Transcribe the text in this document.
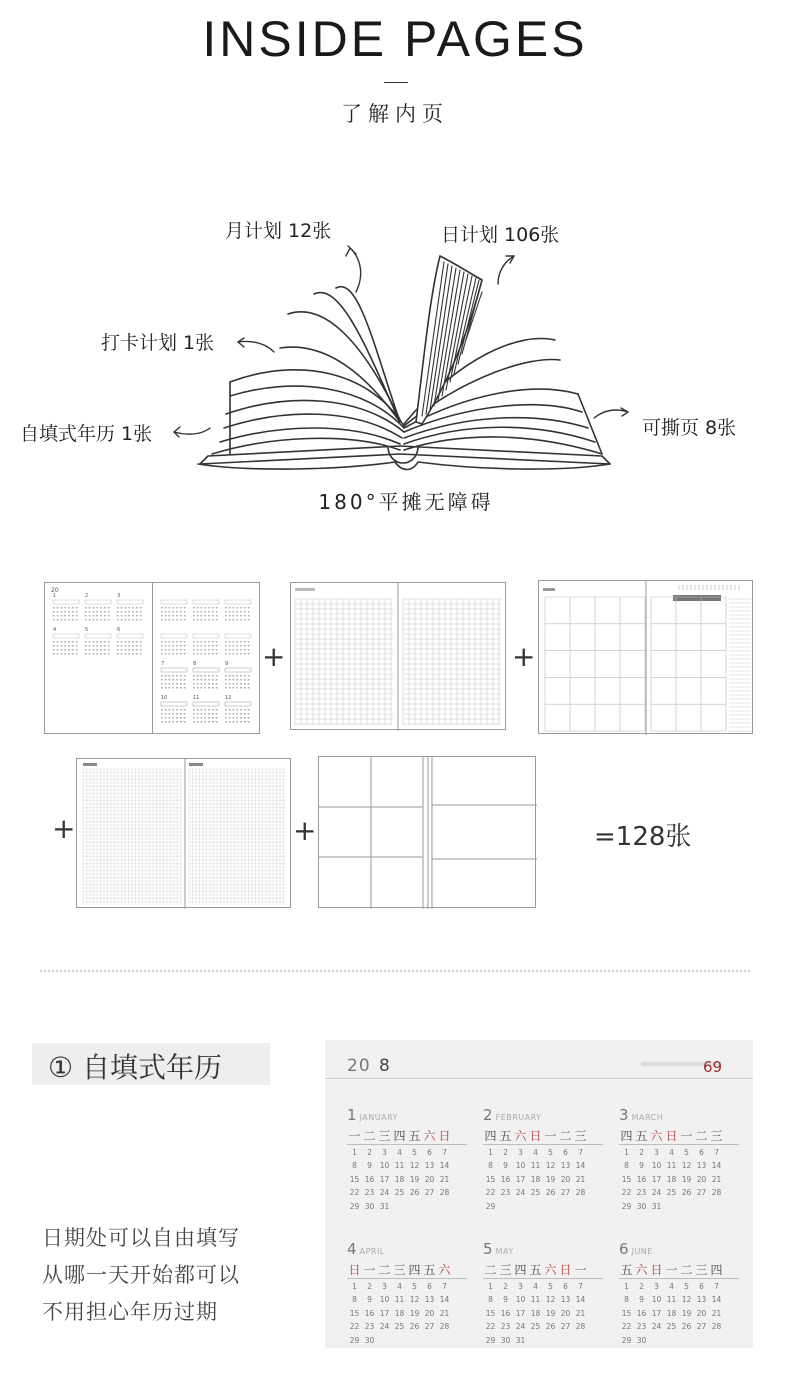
INSIDE PAGES
了解内页
月计划 12张	日计划 106张
打卡计划 1张
可撕页 8张
自填式年历 1张
180°平摊无障碍
20
1	2	3
4	5	6
7	8	9
10	11	12
+	+
+	+	=128张
① 自填式年历
日期处可以自由填写
从哪一天开始都可以
不用担心年历过期
20 8	69
1 JANUARY
一 二 三 四 五 六 日
1	2	3	4	5	6	7
8	9	10 11 12 13 14
15 16 17 18 19 20 21
22 23 24 25 26 27 28
29 30 31
2 FEBRUARY
四 五 六 日 一 二 三
1	2	3	4	5	6	7
8	9	10 11 12 13 14
15 16 17 18 19 20 21
22 23 24 25 26 27 28
29
3 MARCH
四 五 六 日 一 二 三
1	2	3	4	5	6	7
8	9	10 11 12 13 14
15 16 17 18 19 20 21
22 23 24 25 26 27 28
29 30 31
4 APRIL
日 一 二 三 四 五 六
1	2	3	4	5	6	7
8	9	10 11 12 13 14
15 16 17 18 19 20 21
22 23 24 25 26 27 28
29 30
5 MAY
二 三 四 五 六 日 一
1	2	3	4	5	6	7
8	9	10 11 12 13 14
15 16 17 18 19 20 21
22 23 24 25 26 27 28
29 30 31
6 JUNE
五 六 日 一 二 三 四
1	2	3	4	5	6	7
8	9	10 11 12 13 14
15 16 17 18 19 20 21
22 23 24 25 26 27 28
29 30
